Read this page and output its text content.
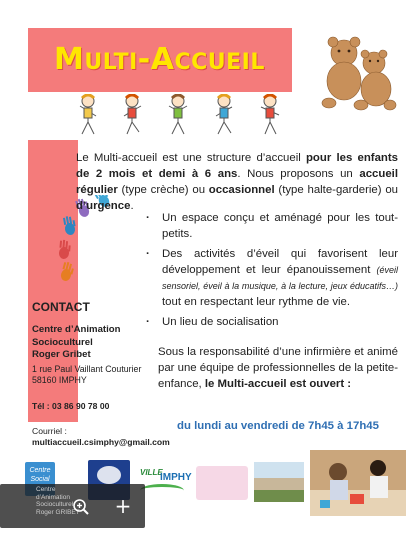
MULTI-ACCUEIL

Le Multi-accueil est une structure d’accueil pour les enfants de 2 mois et demi à 6 ans. Nous proposons un accueil régulier (type crèche) ou occasionnel (type halte-garderie) ou d’urgence.

· Un espace conçu et aménagé pour les tout-petits.
· Des activités d’éveil qui favorisent leur développement et leur épanouissement (éveil sensoriel, éveil à la musique, à la lecture, jeux éducatifs…) tout en respectant leur rythme de vie.
· Un lieu de socialisation
CONTACT

Centre d’Animation
Socioculturel
Roger Gribet

1 rue Paul Vaillant Couturier
58160 IMPHY

Tél : 03 86 90 78 00

Courriel :
multiaccueil.csimphy@gmail.com

Sous la responsabilité d’une infirmière et animé par une équipe de professionnelles de la petite-enfance, le Multi-accueil est ouvert :

du lundi au vendredi de 7h45 à 17h45

Centre Social
VILLE
IMPHY
Centre
d’Animation
Socioculturel
Roger GRIBET +
